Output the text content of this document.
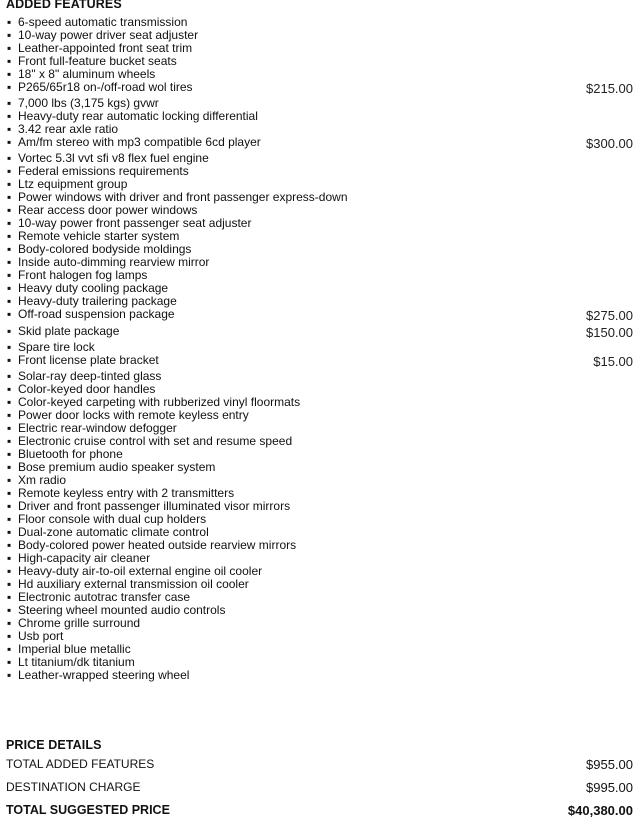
ADDED FEATURES
▪ 6-speed automatic transmission
▪ 10-way power driver seat adjuster
▪ Leather-appointed front seat trim
▪ Front full-feature bucket seats
▪ 18" x 8" aluminum wheels
▪ P265/65r18 on-/off-road wol tires	$215.00
▪ 7,000 lbs (3,175 kgs) gvwr
▪ Heavy-duty rear automatic locking differential
▪ 3.42 rear axle ratio
▪ Am/fm stereo with mp3 compatible 6cd player	$300.00
▪ Vortec 5.3l vvt sfi v8 flex fuel engine
▪ Federal emissions requirements
▪ Ltz equipment group
▪ Power windows with driver and front passenger express-down
▪ Rear access door power windows
▪ 10-way power front passenger seat adjuster
▪ Remote vehicle starter system
▪ Body-colored bodyside moldings
▪ Inside auto-dimming rearview mirror
▪ Front halogen fog lamps
▪ Heavy duty cooling package
▪ Heavy-duty trailering package
▪ Off-road suspension package	$275.00
▪ Skid plate package	$150.00
▪ Spare tire lock
▪ Front license plate bracket	$15.00
▪ Solar-ray deep-tinted glass
▪ Color-keyed door handles
▪ Color-keyed carpeting with rubberized vinyl floormats
▪ Power door locks with remote keyless entry
▪ Electric rear-window defogger
▪ Electronic cruise control with set and resume speed
▪ Bluetooth for phone
▪ Bose premium audio speaker system
▪ Xm radio
▪ Remote keyless entry with 2 transmitters
▪ Driver and front passenger illuminated visor mirrors
▪ Floor console with dual cup holders
▪ Dual-zone automatic climate control
▪ Body-colored power heated outside rearview mirrors
▪ High-capacity air cleaner
▪ Heavy-duty air-to-oil external engine oil cooler
▪ Hd auxiliary external transmission oil cooler
▪ Electronic autotrac transfer case
▪ Steering wheel mounted audio controls
▪ Chrome grille surround
▪ Usb port
▪ Imperial blue metallic
▪ Lt titanium/dk titanium
▪ Leather-wrapped steering wheel
PRICE DETAILS
TOTAL ADDED FEATURES	$955.00
DESTINATION CHARGE	$995.00
TOTAL SUGGESTED PRICE	$40,380.00
